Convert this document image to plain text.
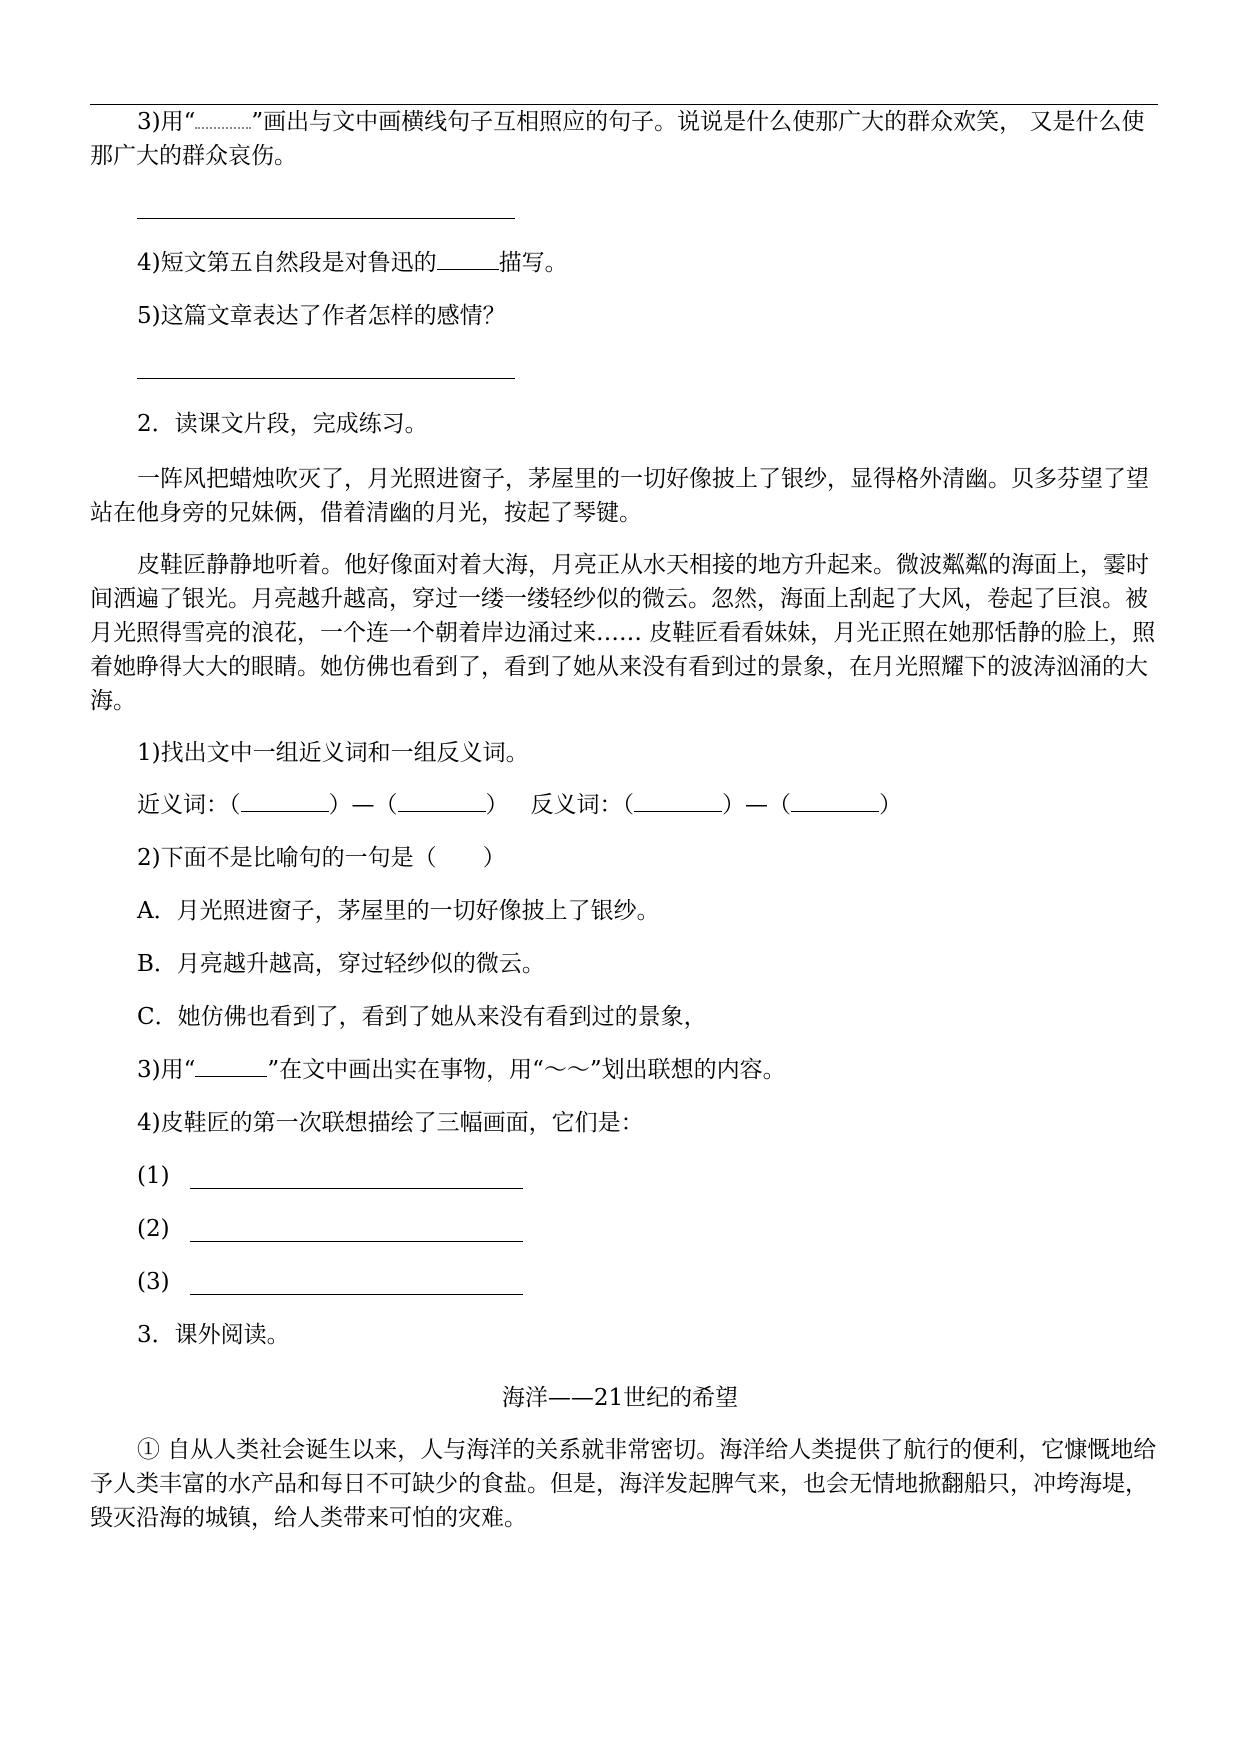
3)用“ ”画出与文中画横线句子互相照应的句子。说说是什么使那广大的群众欢笑， 又是什么使那广大的群众哀伤。

4)短文第五自然段是对鲁迅的	描写。

5)这篇文章表达了作者怎样的感情？

2．读课文片段，完成练习。

一阵风把蜡烛吹灭了，月光照进窗子，茅屋里的一切好像披上了银纱，显得格外清幽。贝多芬望了望站在他身旁的兄妹俩，借着清幽的月光，按起了琴键。

皮鞋匠静静地听着。他好像面对着大海，月亮正从水天相接的地方升起来。微波粼粼的海面上，霎时间洒遍了银光。月亮越升越高，穿过一缕一缕轻纱似的微云。忽然，海面上刮起了大风，卷起了巨浪。被月光照得雪亮的浪花，一个连一个朝着岸边涌过来…… 皮鞋匠看看妹妹，月光正照在她那恬静的脸上，照着她睁得大大的眼睛。她仿佛也看到了，看到了她从来没有看到过的景象，在月光照耀下的波涛汹涌的大海。

1)找出文中一组近义词和一组反义词。

近义词：（	）—（	） 反义词：（	）—（	）

2)下面不是比喻句的一句是（　　）

A．月光照进窗子，茅屋里的一切好像披上了银纱。

B．月亮越升越高，穿过轻纱似的微云。

C．她仿佛也看到了，看到了她从来没有看到过的景象，

3)用“	”在文中画出实在事物，用“～～”划出联想的内容。

4)皮鞋匠的第一次联想描绘了三幅画面，它们是：

(1)

(2)

(3)

3．课外阅读。

海洋——21世纪的希望

① 自从人类社会诞生以来，人与海洋的关系就非常密切。海洋给人类提供了航行的便利，它慷慨地给予人类丰富的水产品和每日不可缺少的食盐。但是，海洋发起脾气来，也会无情地掀翻船只，冲垮海堤，毁灭沿海的城镇，给人类带来可怕的灾难。
